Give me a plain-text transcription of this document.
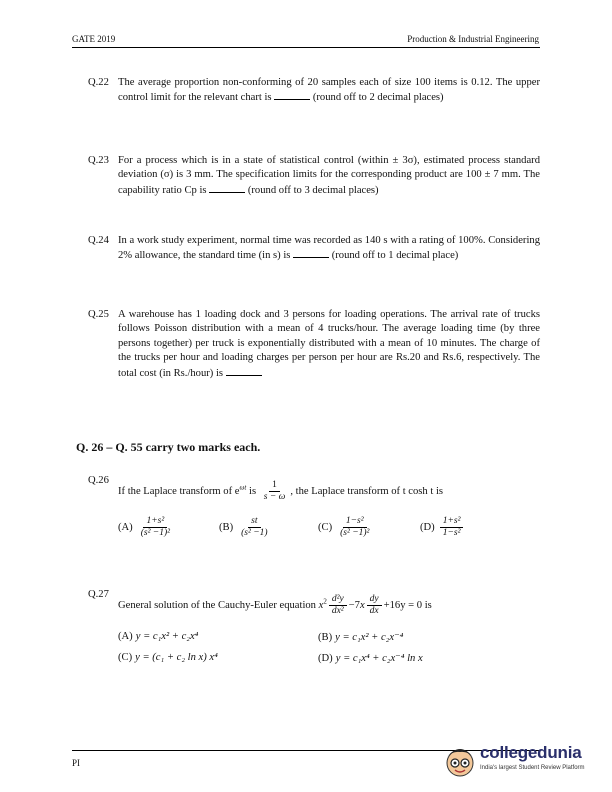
GATE 2019	Production & Industrial Engineering
Q.22 The average proportion non-conforming of 20 samples each of size 100 items is 0.12. The upper control limit for the relevant chart is	(round off to 2 decimal places)
Q.23 For a process which is in a state of statistical control (within ± 3σ), estimated process standard deviation (σ) is 3 mm. The specification limits for the corresponding product are 100 ± 7 mm. The capability ratio Cp is	(round off to 3 decimal places)
Q.24 In a work study experiment, normal time was recorded as 140 s with a rating of 100%. Considering 2% allowance, the standard time (in s) is	(round off to 1 decimal place)
Q.25 A warehouse has 1 loading dock and 3 persons for loading operations. The arrival rate of trucks follows Poisson distribution with a mean of 4 trucks/hour. The average loading time (by three persons together) per truck is exponentially distributed with a mean of 10 minutes. The charge of the trucks per hour and loading charges per person per hour are Rs.20 and Rs.6, respectively. The total cost (in Rs./hour) is
Q. 26 – Q. 55 carry two marks each.
Q.26
If the Laplace transform of $e^{\omega t}$ is $\frac{1}{s - \omega}$ , the Laplace transform of t cosh t is
$(A) \frac{\text{1+s²}}{\text{(s² −1)²}}$	$(B) \frac{st}{\text{(s² −1)}}$	$(C) \frac{\text{1−s²}}{\text{(s² −1)²}}$	$(D) \frac{\text{1+s²}}{\text{1−s²}}$
Q.27
General solution of the Cauchy-Euler equation $x^2 \frac{\text{d²y}}{\text{dx²}} -7x \frac{dy}{dx} +16y = 0$ is
(A) y = c₁x² + c₂x⁴	(B) y = c₁x² + c₂x⁻⁴
(C) y = (c₁ + c₂ ln x) x⁴	(D) y = c₁x⁴ + c₂x⁻⁴ ln x
PI
collegedunia
India's largest Student Review Platform
